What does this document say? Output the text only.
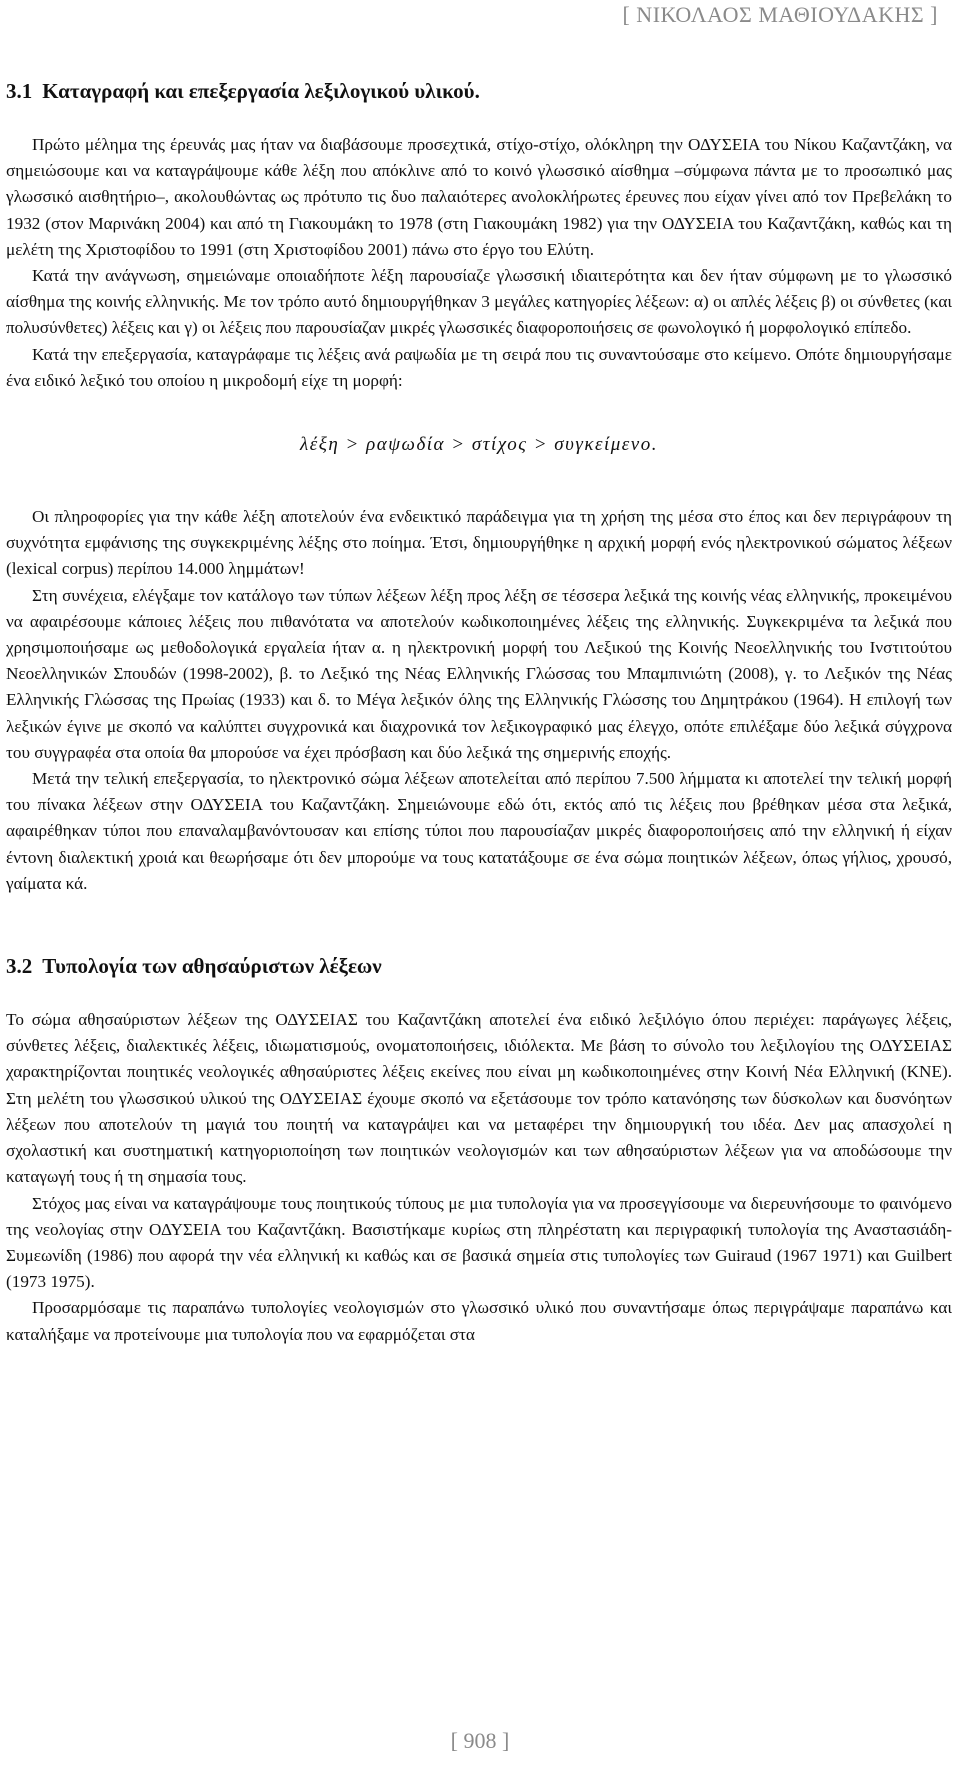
[ ΝΙΚΟΛΑΟΣ ΜΑΘΙΟΥΔΑΚΗΣ ]
3.1 Καταγραφή και επεξεργασία λεξιλογικού υλικού.

Πρώτο μέλημα της έρευνάς μας ήταν να διαβάσουμε προσεχτικά, στίχο-στίχο, ολόκληρη την ΟΔΥΣΕΙΑ του Νίκου Καζαντζάκη, να σημειώσουμε και να καταγράψουμε κάθε λέξη που απόκλινε από το κοινό γλωσσικό αίσθημα –σύμφωνα πάντα με το προσωπικό μας γλωσσικό αισθητήριο–, ακολουθώντας ως πρότυπο τις δυο παλαιότερες ανολοκλήρωτες έρευνες που είχαν γίνει από τον Πρεβελάκη το 1932 (στον Μαρινάκη 2004) και από τη Γιακουμάκη το 1978 (στη Γιακουμάκη 1982) για την ΟΔΥΣΕΙΑ του Καζαντζάκη, καθώς και τη μελέτη της Χριστοφίδου το 1991 (στη Χριστοφίδου 2001) πάνω στο έργο του Ελύτη.

Κατά την ανάγνωση, σημειώναμε οποιαδήποτε λέξη παρουσίαζε γλωσσική ιδιαιτερότητα και δεν ήταν σύμφωνη με το γλωσσικό αίσθημα της κοινής ελληνικής. Με τον τρόπο αυτό δημιουργήθηκαν 3 μεγάλες κατηγορίες λέξεων: α) οι απλές λέξεις β) οι σύνθετες (και πολυσύνθετες) λέξεις και γ) οι λέξεις που παρουσίαζαν μικρές γλωσσικές διαφοροποιήσεις σε φωνολογικό ή μορφολογικό επίπεδο.

Κατά την επεξεργασία, καταγράφαμε τις λέξεις ανά ραψωδία με τη σειρά που τις συναντούσαμε στο κείμενο. Οπότε δημιουργήσαμε ένα ειδικό λεξικό του οποίου η μικροδομή είχε τη μορφή:

λέξη > ραψωδία > στίχος > συγκείμενο.

Οι πληροφορίες για την κάθε λέξη αποτελούν ένα ενδεικτικό παράδειγμα για τη χρήση της μέσα στο έπος και δεν περιγράφουν τη συχνότητα εμφάνισης της συγκεκριμένης λέξης στο ποίημα. Έτσι, δημιουργήθηκε η αρχική μορφή ενός ηλεκτρονικού σώματος λέξεων (lexical corpus) περίπου 14.000 λημμάτων!

Στη συνέχεια, ελέγξαμε τον κατάλογο των τύπων λέξεων λέξη προς λέξη σε τέσσερα λεξικά της κοινής νέας ελληνικής, προκειμένου να αφαιρέσουμε κάποιες λέξεις που πιθανότατα να αποτελούν κωδικοποιημένες λέξεις της ελληνικής. Συγκεκριμένα τα λεξικά που χρησιμοποιήσαμε ως μεθοδολογικά εργαλεία ήταν α. η ηλεκτρονική μορφή του Λεξικού της Κοινής Νεοελληνικής του Ινστιτούτου Νεοελληνικών Σπουδών (1998-2002), β. το Λεξικό της Νέας Ελληνικής Γλώσσας του Μπαμπινιώτη (2008), γ. το Λεξικόν της Νέας Ελληνικής Γλώσσας της Πρωίας (1933) και δ. το Μέγα λεξικόν όλης της Ελληνικής Γλώσσης του Δημητράκου (1964). Η επιλογή των λεξικών έγινε με σκοπό να καλύπτει συγχρονικά και διαχρονικά τον λεξικογραφικό μας έλεγχο, οπότε επιλέξαμε δύο λεξικά σύγχρονα του συγγραφέα στα οποία θα μπορούσε να έχει πρόσβαση και δύο λεξικά της σημερινής εποχής.

Μετά την τελική επεξεργασία, το ηλεκτρονικό σώμα λέξεων αποτελείται από περίπου 7.500 λήμματα κι αποτελεί την τελική μορφή του πίνακα λέξεων στην ΟΔΥΣΕΙΑ του Καζαντζάκη. Σημειώνουμε εδώ ότι, εκτός από τις λέξεις που βρέθηκαν μέσα στα λεξικά, αφαιρέθηκαν τύποι που επαναλαμβανόντουσαν και επίσης τύποι που παρουσίαζαν μικρές διαφοροποιήσεις από την ελληνική ή είχαν έντονη διαλεκτική χροιά και θεωρήσαμε ότι δεν μπορούμε να τους κατατάξουμε σε ένα σώμα ποιητικών λέξεων, όπως γήλιος, χρουσό, γαίματα κά.

3.2 Τυπολογία των αθησαύριστων λέξεων

Το σώμα αθησαύριστων λέξεων της ΟΔΥΣΕΙΑΣ του Καζαντζάκη αποτελεί ένα ειδικό λεξιλόγιο όπου περιέχει: παράγωγες λέξεις, σύνθετες λέξεις, διαλεκτικές λέξεις, ιδιωματισμούς, ονοματοποιήσεις, ιδιόλεκτα. Με βάση το σύνολο του λεξιλογίου της ΟΔΥΣΕΙΑΣ χαρακτηρίζονται ποιητικές νεολογικές αθησαύριστες λέξεις εκείνες που είναι μη κωδικοποιημένες στην Κοινή Νέα Ελληνική (ΚΝΕ). Στη μελέτη του γλωσσικού υλικού της ΟΔΥΣΕΙΑΣ έχουμε σκοπό να εξετάσουμε τον τρόπο κατανόησης των δύσκολων και δυσνόητων λέξεων που αποτελούν τη μαγιά του ποιητή να καταγράψει και να μεταφέρει την δημιουργική του ιδέα. Δεν μας απασχολεί η σχολαστική και συστηματική κατηγοριοποίηση των ποιητικών νεολογισμών και των αθησαύριστων λέξεων για να αποδώσουμε την καταγωγή τους ή τη σημασία τους.

Στόχος μας είναι να καταγράψουμε τους ποιητικούς τύπους με μια τυπολογία για να προσεγγίσουμε να διερευνήσουμε το φαινόμενο της νεολογίας στην ΟΔΥΣΕΙΑ του Καζαντζάκη. Βασιστήκαμε κυρίως στη πληρέστατη και περιγραφική τυπολογία της Αναστασιάδη-Συμεωνίδη (1986) που αφορά την νέα ελληνική κι καθώς και σε βασικά σημεία στις τυπολογίες των Guiraud (1967 1971) και Guilbert (1973 1975).

Προσαρμόσαμε τις παραπάνω τυπολογίες νεολογισμών στο γλωσσικό υλικό που συναντήσαμε όπως περιγράψαμε παραπάνω και καταλήξαμε να προτείνουμε μια τυπολογία που να εφαρμόζεται στα

[ 908 ]
